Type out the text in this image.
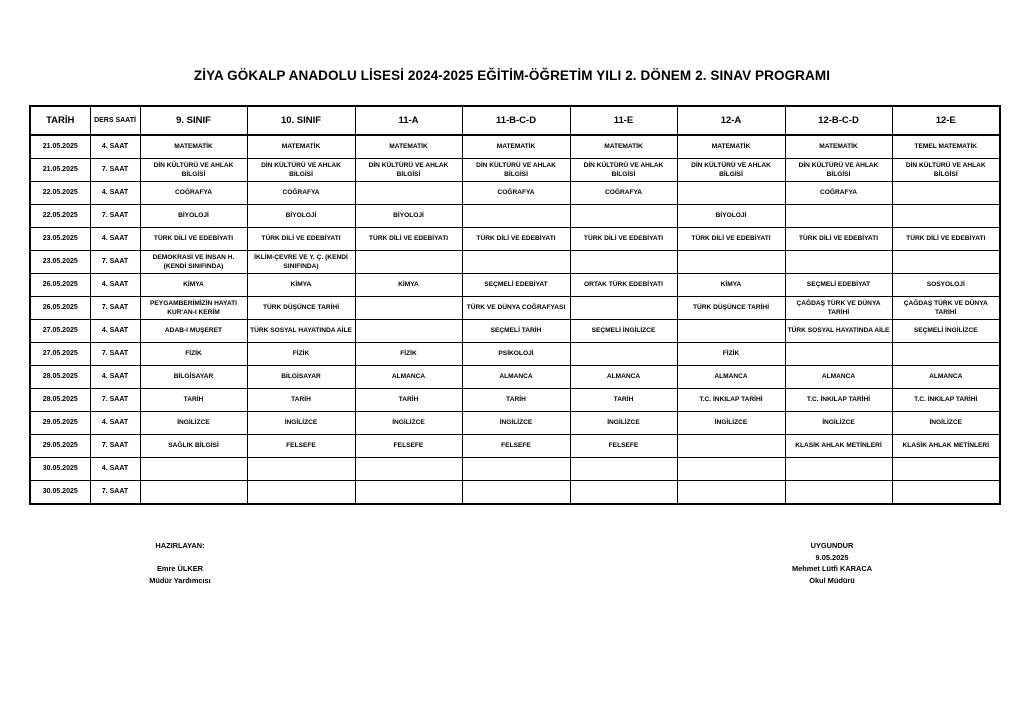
ZİYA GÖKALP ANADOLU LİSESİ 2024-2025 EĞİTİM-ÖĞRETİM YILI 2. DÖNEM 2. SINAV PROGRAMI
TARİH	DERS SAATİ	9. SINIF	10. SINIF	11-A	11-B-C-D	11-E	12-A	12-B-C-D	12-E
21.05.2025	4. SAAT	MATEMATİK	MATEMATİK	MATEMATİK	MATEMATİK	MATEMATİK	MATEMATİK	MATEMATİK	TEMEL MATEMATİK
21.05.2025	7. SAAT	DİN KÜLTÜRÜ VE AHLAK BİLGİSİ	DİN KÜLTÜRÜ VE AHLAK BİLGİSİ	DİN KÜLTÜRÜ VE AHLAK BİLGİSİ	DİN KÜLTÜRÜ VE AHLAK BİLGİSİ	DİN KÜLTÜRÜ VE AHLAK BİLGİSİ	DİN KÜLTÜRÜ VE AHLAK BİLGİSİ	DİN KÜLTÜRÜ VE AHLAK BİLGİSİ	DİN KÜLTÜRÜ VE AHLAK BİLGİSİ
22.05.2025	4. SAAT	COĞRAFYA	COĞRAFYA		COĞRAFYA	COĞRAFYA		COĞRAFYA	
22.05.2025	7. SAAT	BİYOLOJİ	BİYOLOJİ	BİYOLOJİ			BİYOLOJİ		
23.05.2025	4. SAAT	TÜRK DİLİ VE EDEBİYATI	TÜRK DİLİ VE EDEBİYATI	TÜRK DİLİ VE EDEBİYATI	TÜRK DİLİ VE EDEBİYATI	TÜRK DİLİ VE EDEBİYATI	TÜRK DİLİ VE EDEBİYATI	TÜRK DİLİ VE EDEBİYATI	TÜRK DİLİ VE EDEBİYATI
23.05.2025	7. SAAT	DEMOKRASİ VE İNSAN H. (KENDİ SINIFINDA)	İKLİM-ÇEVRE VE Y. Ç. (KENDİ SINIFINDA)						
26.05.2025	4. SAAT	KİMYA	KİMYA	KİMYA	SEÇMELİ EDEBİYAT	ORTAK TÜRK EDEBİYATI	KİMYA	SEÇMELİ EDEBİYAT	SOSYOLOJİ
26.05.2025	7. SAAT	PEYGAMBERİMİZİN HAYATI KUR'AN-I KERİM	TÜRK DÜŞÜNCE TARİHİ		TÜRK VE DÜNYA COĞRAFYASI		TÜRK DÜŞÜNCE TARİHİ	ÇAĞDAŞ TÜRK VE DÜNYA TARİHİ	ÇAĞDAŞ TÜRK VE DÜNYA TARİHİ
27.05.2025	4. SAAT	ADAB-I MUŞERET	TÜRK SOSYAL HAYATINDA AİLE		SEÇMELİ TARİH	SEÇMELİ İNGİLİZCE		TÜRK SOSYAL HAYATINDA AİLE	SEÇMELİ İNGİLİZCE
27.05.2025	7. SAAT	FİZİK	FİZİK	FİZİK	PSİKOLOJİ		FİZİK		
28.05.2025	4. SAAT	BİLGİSAYAR	BİLGİSAYAR	ALMANCA	ALMANCA	ALMANCA	ALMANCA	ALMANCA	ALMANCA
28.05.2025	7. SAAT	TARİH	TARİH	TARİH	TARİH	TARİH	T.C. İNKILAP TARİHİ	T.C. İNKILAP TARİHİ	T.C. İNKILAP TARİHİ
29.05.2025	4. SAAT	İNGİLİZCE	İNGİLİZCE	İNGİLİZCE	İNGİLİZCE	İNGİLİZCE	İNGİLİZCE	İNGİLİZCE	İNGİLİZCE
29.05.2025	7. SAAT	SAĞLIK BİLGİSİ	FELSEFE	FELSEFE	FELSEFE	FELSEFE		KLASİK AHLAK METİNLERİ	KLASİK AHLAK METİNLERİ
30.05.2025	4. SAAT								
30.05.2025	7. SAAT								
HAZIRLAYAN:
Emre ÜLKER
Müdür Yardımcısı
UYGUNDUR
9.05.2025
Mehmet Lütfi KARACA
Okul Müdürü
